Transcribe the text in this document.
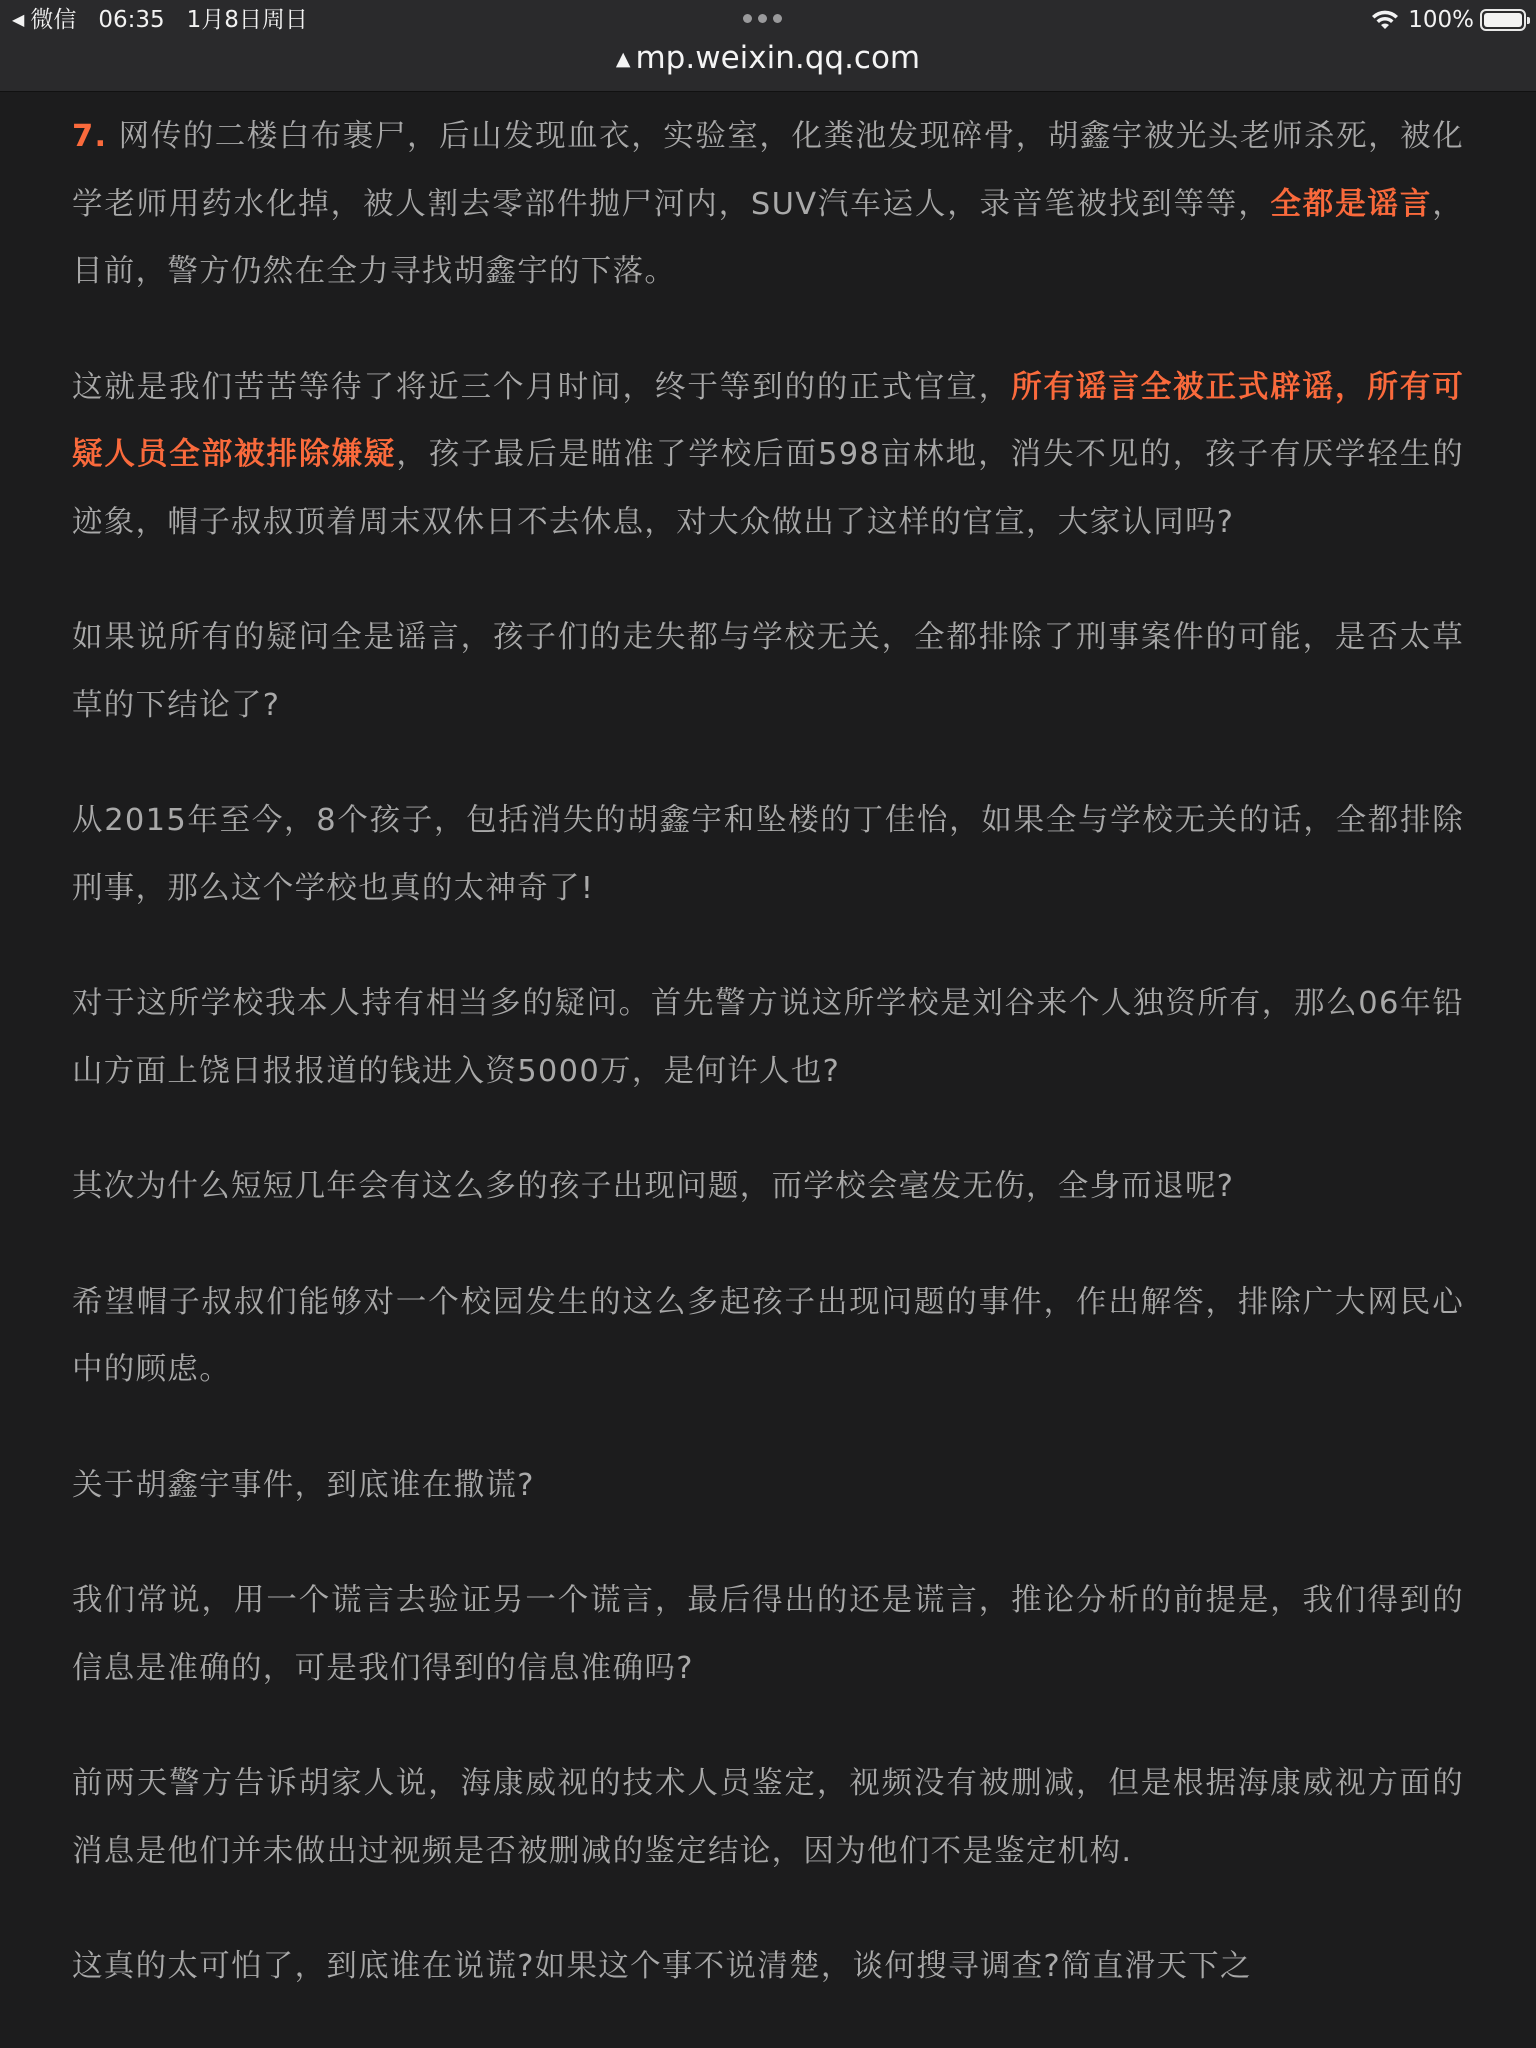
◀ 微信 06:35 1月8日周日	100%
▲ mp.weixin.qq.com

7. 网传的二楼白布裹尸，后山发现血衣，实验室，化粪池发现碎骨，胡鑫宇被光头老师杀死，被化学老师用药水化掉，被人割去零部件抛尸河内，SUV汽车运人，录音笔被找到等等，全都是谣言，目前，警方仍然在全力寻找胡鑫宇的下落。

这就是我们苦苦等待了将近三个月时间，终于等到的的正式官宣，所有谣言全被正式辟谣，所有可疑人员全部被排除嫌疑，孩子最后是瞄准了学校后面598亩林地，消失不见的，孩子有厌学轻生的迹象，帽子叔叔顶着周末双休日不去休息，对大众做出了这样的官宣，大家认同吗?

如果说所有的疑问全是谣言，孩子们的走失都与学校无关，全都排除了刑事案件的可能，是否太草草的下结论了?

从2015年至今，8个孩子，包括消失的胡鑫宇和坠楼的丁佳怡，如果全与学校无关的话，全都排除刑事，那么这个学校也真的太神奇了!

对于这所学校我本人持有相当多的疑问。首先警方说这所学校是刘谷来个人独资所有，那么06年铅山方面上饶日报报道的钱进入资5000万，是何许人也?

其次为什么短短几年会有这么多的孩子出现问题，而学校会毫发无伤，全身而退呢?

希望帽子叔叔们能够对一个校园发生的这么多起孩子出现问题的事件，作出解答，排除广大网民心中的顾虑。

关于胡鑫宇事件，到底谁在撒谎?

我们常说，用一个谎言去验证另一个谎言，最后得出的还是谎言，推论分析的前提是，我们得到的信息是准确的，可是我们得到的信息准确吗?

前两天警方告诉胡家人说，海康威视的技术人员鉴定，视频没有被删减，但是根据海康威视方面的消息是他们并未做出过视频是否被删减的鉴定结论，因为他们不是鉴定机构.

这真的太可怕了，到底谁在说谎?如果这个事不说清楚，谈何搜寻调查?简直滑天下之
